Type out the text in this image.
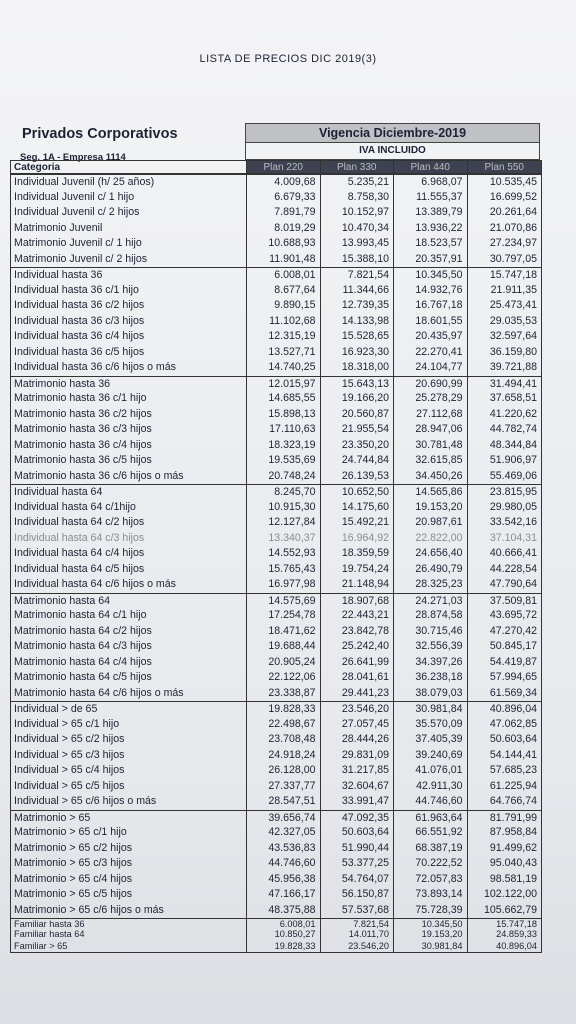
LISTA DE PRECIOS DIC 2019(3)
Privados Corporativos
Seg. 1A - Empresa 1114
Vigencia Diciembre-2019
IVA INCLUIDO
Categoria	Plan 220	Plan 330	Plan 440	Plan 550
Individual Juvenil (h/ 25 años)	4.009,68	5.235,21	6.968,07	10.535,45
Individual Juvenil c/ 1 hijo	6.679,33	8.758,30	11.555,37	16.699,52
Individual Juvenil c/ 2 hijos	7.891,79	10.152,97	13.389,79	20.261,64
Matrimonio Juvenil	8.019,29	10.470,34	13.936,22	21.070,86
Matrimonio Juvenil c/ 1 hijo	10.688,93	13.993,45	18.523,57	27.234,97
Matrimonio Juvenil c/ 2 hijos	11.901,48	15.388,10	20.357,91	30.797,05
Individual hasta 36	6.008,01	7.821,54	10.345,50	15.747,18
Individual hasta 36 c/1 hijo	8.677,64	11.344,66	14.932,76	21.911,35
Individual hasta 36 c/2 hijos	9.890,15	12.739,35	16.767,18	25.473,41
Individual hasta 36 c/3 hijos	11.102,68	14.133,98	18.601,55	29.035,53
Individual hasta 36 c/4 hijos	12.315,19	15.528,65	20.435,97	32.597,64
Individual hasta 36 c/5 hijos	13.527,71	16.923,30	22.270,41	36.159,80
Individual hasta 36 c/6 hijos o más	14.740,25	18.318,00	24.104,77	39.721,88
Matrimonio hasta 36	12.015,97	15.643,13	20.690,99	31.494,41
Matrimonio hasta 36 c/1 hijo	14.685,55	19.166,20	25.278,29	37.658,51
Matrimonio hasta 36 c/2 hijos	15.898,13	20.560,87	27.112,68	41.220,62
Matrimonio hasta 36 c/3 hijos	17.110,63	21.955,54	28.947,06	44.782,74
Matrimonio hasta 36 c/4 hijos	18.323,19	23.350,20	30.781,48	48.344,84
Matrimonio hasta 36 c/5 hijos	19.535,69	24.744,84	32.615,85	51.906,97
Matrimonio hasta 36 c/6 hijos o más	20.748,24	26.139,53	34.450,26	55.469,06
Individual hasta 64	8.245,70	10.652,50	14.565,86	23.815,95
Individual hasta 64 c/1hijo	10.915,30	14.175,60	19.153,20	29.980,05
Individual hasta 64 c/2 hijos	12.127,84	15.492,21	20.987,61	33.542,16
Individual hasta 64 c/3 hijos	13.340,37	16.964,92	22.822,00	37.104,31
Individual hasta 64 c/4 hijos	14.552,93	18.359,59	24.656,40	40.666,41
Individual hasta 64 c/5 hijos	15.765,43	19.754,24	26.490,79	44.228,54
Individual hasta 64 c/6 hijos o más	16.977,98	21.148,94	28.325,23	47.790,64
Matrimonio hasta 64	14.575,69	18.907,68	24.271,03	37.509,81
Matrimonio hasta 64 c/1 hijo	17.254,78	22.443,21	28.874,58	43.695,72
Matrimonio hasta 64 c/2 hijos	18.471,62	23.842,78	30.715,46	47.270,42
Matrimonio hasta 64 c/3 hijos	19.688,44	25.242,40	32.556,39	50.845,17
Matrimonio hasta 64 c/4 hijos	20.905,24	26.641,99	34.397,26	54.419,87
Matrimonio hasta 64 c/5 hijos	22.122,06	28.041,61	36.238,18	57.994,65
Matrimonio hasta 64 c/6 hijos o más	23.338,87	29.441,23	38.079,03	61.569,34
Individual > de 65	19.828,33	23.546,20	30.981,84	40.896,04
Individual > 65 c/1 hijo	22.498,67	27.057,45	35.570,09	47.062,85
Individual > 65 c/2 hijos	23.708,48	28.444,26	37.405,39	50.603,64
Individual > 65 c/3 hijos	24.918,24	29.831,09	39.240,69	54.144,41
Individual > 65 c/4 hijos	26.128,00	31.217,85	41.076,01	57.685,23
Individual > 65 c/5 hijos	27.337,77	32.604,67	42.911,30	61.225,94
Individual > 65 c/6 hijos o más	28.547,51	33.991,47	44.746,60	64.766,74
Matrimonio > 65	39.656,74	47.092,35	61.963,64	81.791,99
Matrimonio > 65 c/1 hijo	42.327,05	50.603,64	66.551,92	87.958,84
Matrimonio > 65 c/2 hijos	43.536,83	51.990,44	68.387,19	91.499,62
Matrimonio > 65 c/3 hijos	44.746,60	53.377,25	70.222,52	95.040,43
Matrimonio > 65 c/4 hijos	45.956,38	54.764,07	72.057,83	98.581,19
Matrimonio > 65 c/5 hijos	47.166,17	56.150,87	73.893,14	102.122,00
Matrimonio > 65 c/6 hijos o más	48.375,88	57.537,68	75.728,39	105.662,79
Familiar hasta 36	6.008,01	7.821,54	10.345,50	15.747,18
Familiar hasta 64	10.850,27	14.011,70	19.153,20	24.859,33
Familiar > 65	19.828,33	23.546,20	30.981,84	40.896,04
